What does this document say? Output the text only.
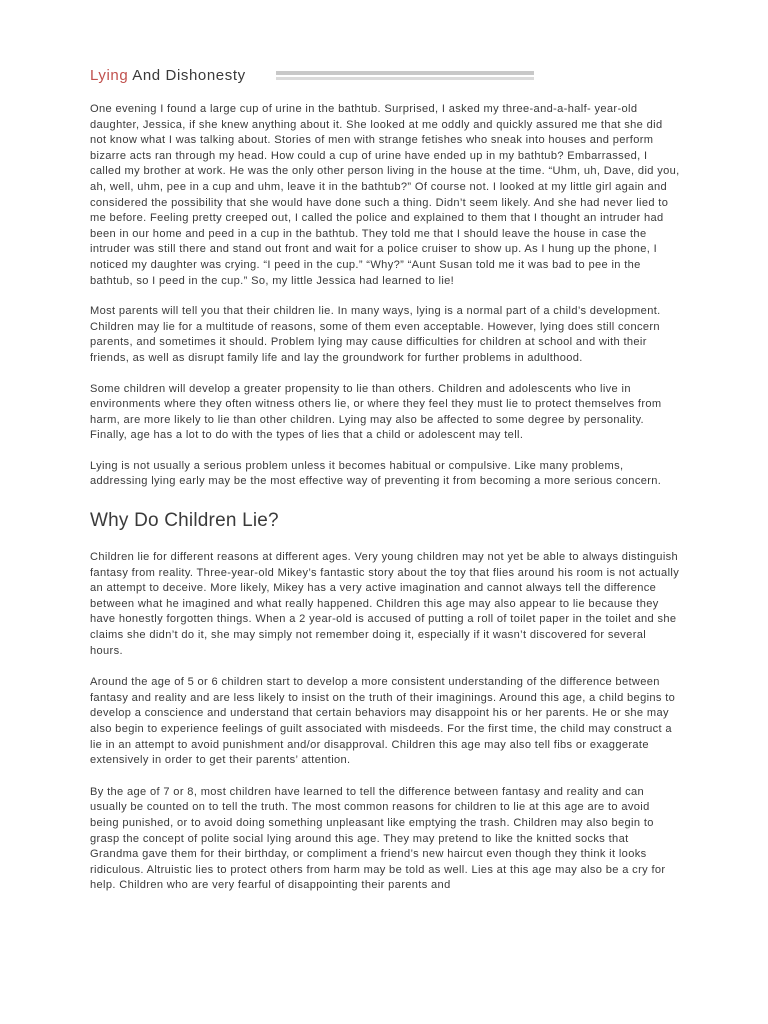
Lying And Dishonesty

One evening I found a large cup of urine in the bathtub. Surprised, I asked my three-and-a-half- year-old daughter, Jessica, if she knew anything about it. She looked at me oddly and quickly assured me that she did not know what I was talking about. Stories of men with strange fetishes who sneak into houses and perform bizarre acts ran through my head. How could a cup of urine have ended up in my bathtub? Embarrassed, I called my brother at work. He was the only other person living in the house at the time. “Uhm, uh, Dave, did you, ah, well, uhm, pee in a cup and uhm, leave it in the bathtub?” Of course not. I looked at my little girl again and considered the possibility that she would have done such a thing. Didn’t seem likely. And she had never lied to me before. Feeling pretty creeped out, I called the police and explained to them that I thought an intruder had been in our home and peed in a cup in the bathtub. They told me that I should leave the house in case the intruder was still there and stand out front and wait for a police cruiser to show up. As I hung up the phone, I noticed my daughter was crying. “I peed in the cup.” “Why?” “Aunt Susan told me it was bad to pee in the bathtub, so I peed in the cup.” So, my little Jessica had learned to lie!

Most parents will tell you that their children lie. In many ways, lying is a normal part of a child’s development. Children may lie for a multitude of reasons, some of them even acceptable. However, lying does still concern parents, and sometimes it should. Problem lying may cause difficulties for children at school and with their friends, as well as disrupt family life and lay the groundwork for further problems in adulthood.

Some children will develop a greater propensity to lie than others. Children and adolescents who live in environments where they often witness others lie, or where they feel they must lie to protect themselves from harm, are more likely to lie than other children. Lying may also be affected to some degree by personality. Finally, age has a lot to do with the types of lies that a child or adolescent may tell.

Lying is not usually a serious problem unless it becomes habitual or compulsive. Like many problems, addressing lying early may be the most effective way of preventing it from becoming a more serious concern.

Why Do Children Lie?

Children lie for different reasons at different ages. Very young children may not yet be able to always distinguish fantasy from reality. Three-year-old Mikey’s fantastic story about the toy that flies around his room is not actually an attempt to deceive. More likely, Mikey has a very active imagination and cannot always tell the difference between what he imagined and what really happened. Children this age may also appear to lie because they have honestly forgotten things. When a 2 year-old is accused of putting a roll of toilet paper in the toilet and she claims she didn’t do it, she may simply not remember doing it, especially if it wasn’t discovered for several hours.

Around the age of 5 or 6 children start to develop a more consistent understanding of the difference between fantasy and reality and are less likely to insist on the truth of their imaginings. Around this age, a child begins to develop a conscience and understand that certain behaviors may disappoint his or her parents. He or she may also begin to experience feelings of guilt associated with misdeeds. For the first time, the child may construct a lie in an attempt to avoid punishment and/or disapproval. Children this age may also tell fibs or exaggerate extensively in order to get their parents’ attention.

By the age of 7 or 8, most children have learned to tell the difference between fantasy and reality and can usually be counted on to tell the truth. The most common reasons for children to lie at this age are to avoid being punished, or to avoid doing something unpleasant like emptying the trash. Children may also begin to grasp the concept of polite social lying around this age. They may pretend to like the knitted socks that Grandma gave them for their birthday, or compliment a friend’s new haircut even though they think it looks ridiculous. Altruistic lies to protect others from harm may be told as well. Lies at this age may also be a cry for help. Children who are very fearful of disappointing their parents and
